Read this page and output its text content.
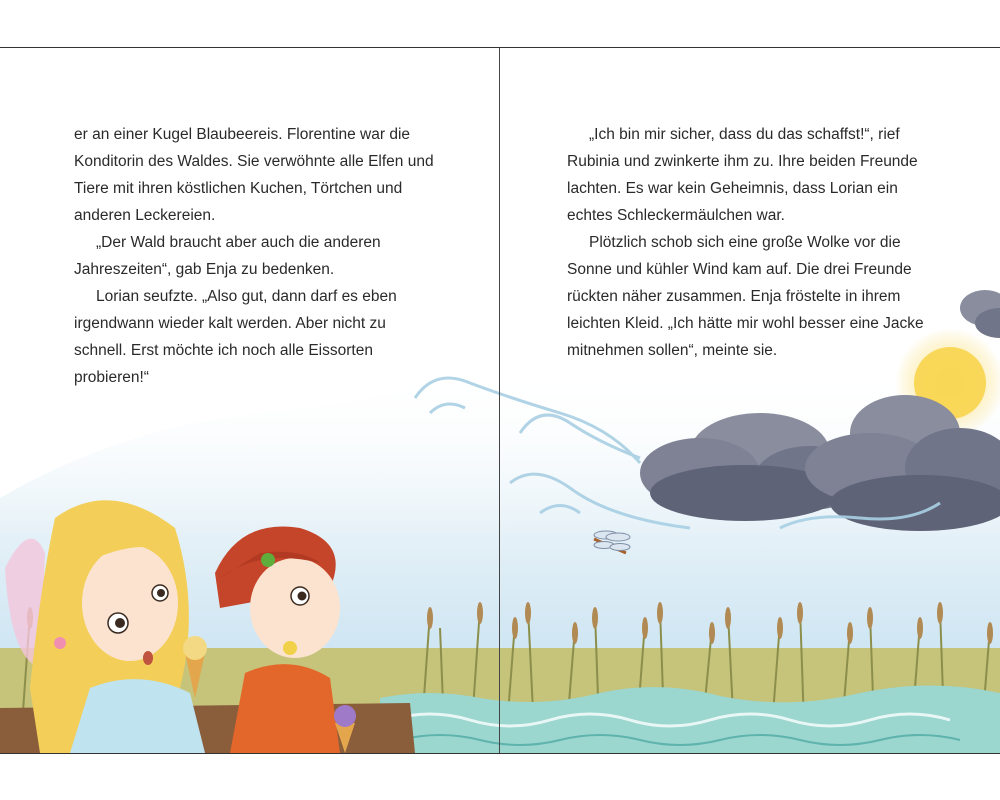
er an einer Kugel Blaubeereis. Florentine war die

Konditorin des Waldes. Sie verwöhnte alle Elfen und

Tiere mit ihren köstlichen Kuchen, Törtchen und

anderen Leckereien.

„Der Wald braucht aber auch die anderen

Jahreszeiten“, gab Enja zu bedenken.

Lorian seufzte. „Also gut, dann darf es eben

irgendwann wieder kalt werden. Aber nicht zu

schnell. Erst möchte ich noch alle Eissorten

probieren!“

„Ich bin mir sicher, dass du das schaffst!“, rief

Rubinia und zwinkerte ihm zu. Ihre beiden Freunde

lachten. Es war kein Geheimnis, dass Lorian ein

echtes Schleckermäulchen war.

Plötzlich schob sich eine große Wolke vor die

Sonne und kühler Wind kam auf. Die drei Freunde

rückten näher zusammen. Enja fröstelte in ihrem

leichten Kleid. „Ich hätte mir wohl besser eine Jacke

mitnehmen sollen“, meinte sie.
